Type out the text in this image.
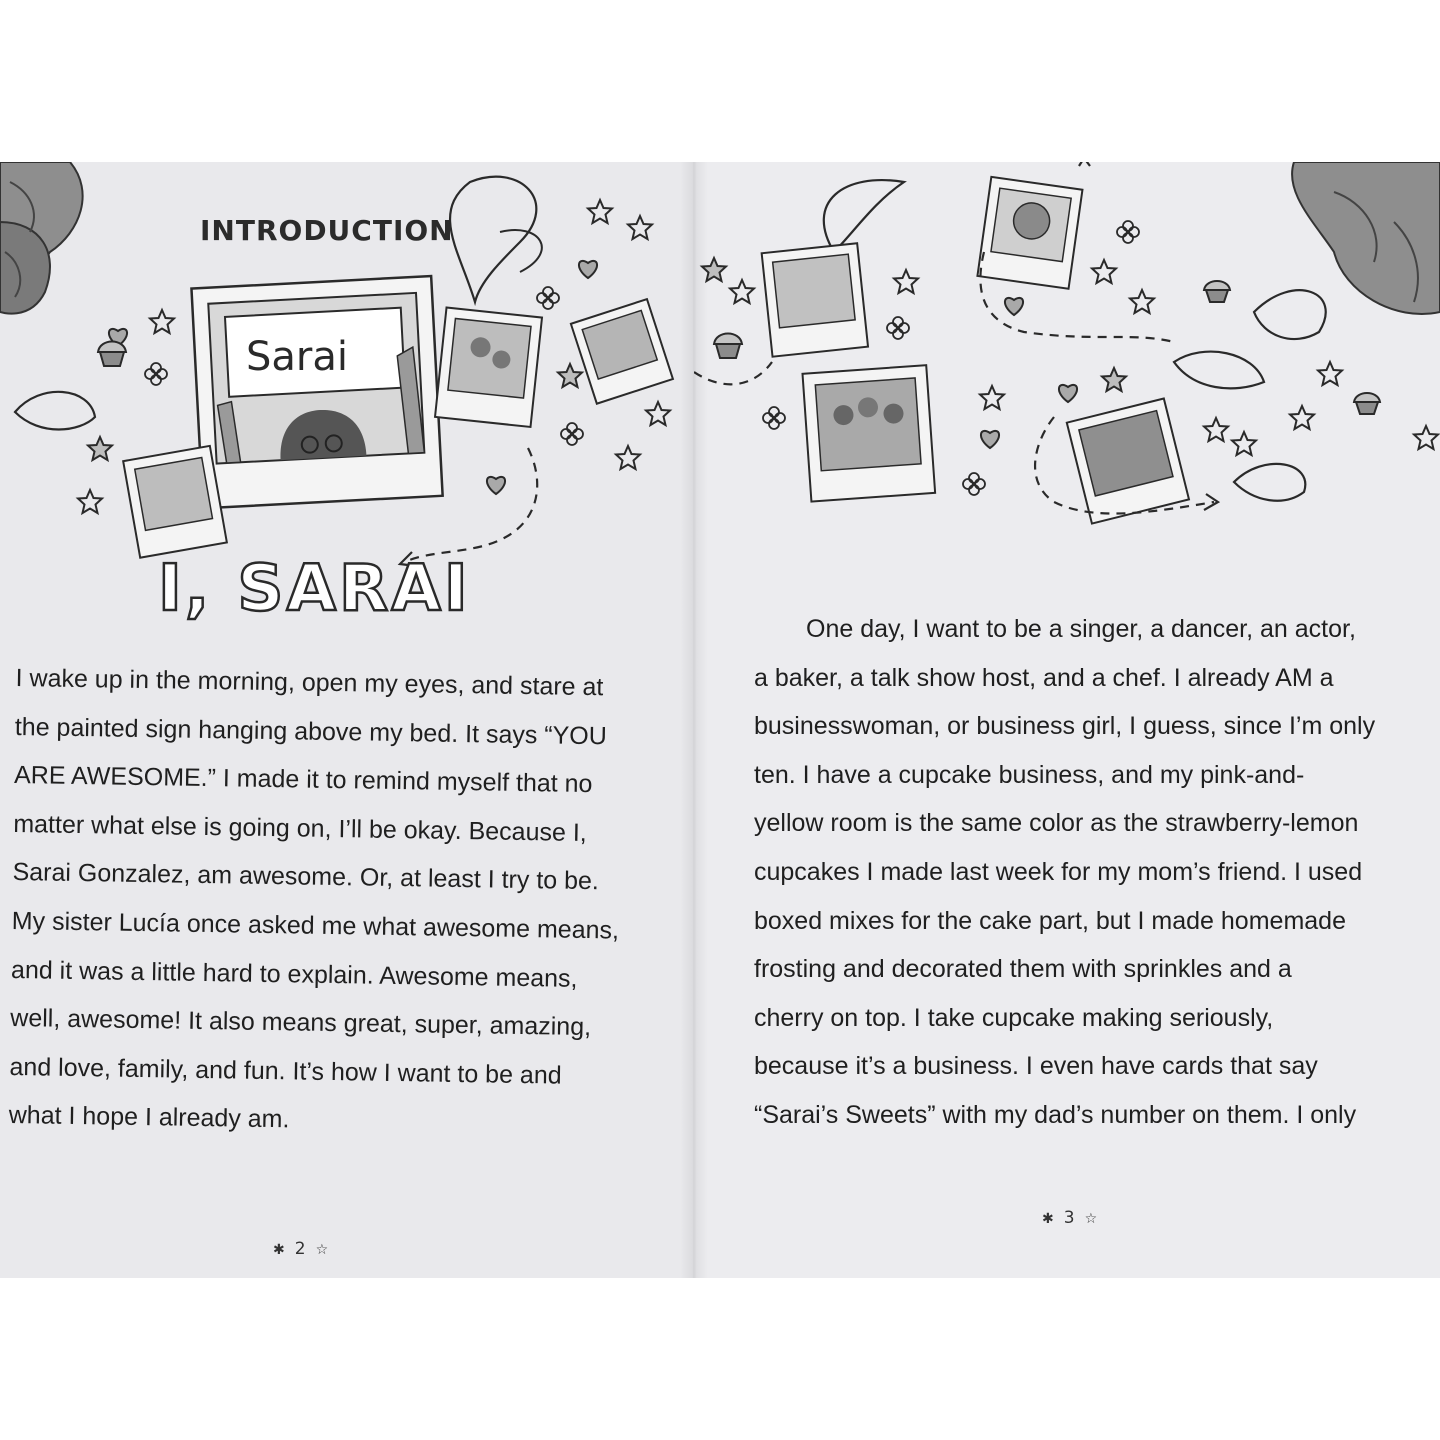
INTRODUCTION
Sarai
I, SARAI
I wake up in the morning, open my eyes, and stare at
the painted sign hanging above my bed. It says “YOU
ARE AWESOME.” I made it to remind myself that no
matter what else is going on, I’ll be okay. Because I,
Sarai Gonzalez, am awesome. Or, at least I try to be.
My sister Lucía once asked me what awesome means,
and it was a little hard to explain. Awesome means,
well, awesome! It also means great, super, amazing,
and love, family, and fun. It’s how I want to be and
what I hope I already am.
✱ 2 ☆
One day, I want to be a singer, a dancer, an actor,
a baker, a talk show host, and a chef. I already AM a
businesswoman, or business girl, I guess, since I’m only
ten. I have a cupcake business, and my pink-and-
yellow room is the same color as the strawberry-lemon
cupcakes I made last week for my mom’s friend. I used
boxed mixes for the cake part, but I made homemade
frosting and decorated them with sprinkles and a
cherry on top. I take cupcake making seriously,
because it’s a business. I even have cards that say
“Sarai’s Sweets” with my dad’s number on them. I only
✱ 3 ☆
